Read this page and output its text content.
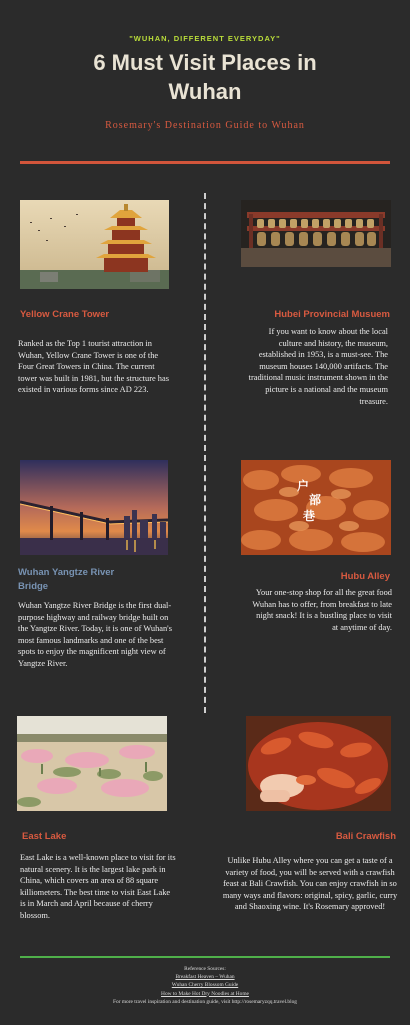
"WUHAN, DIFFERENT EVERYDAY"
6 Must Visit Places in
Wuhan
Rosemary's Destination Guide to Wuhan
Yellow Crane Tower	Hubei Provincial Musuem
Ranked as the Top 1 tourist attraction in Wuhan, Yellow Crane Tower is one of the Four Great Towers in China. The current tower was built in 1981, but the structure has existed in various forms since AD 223.
If you want to know about the local culture and history, the museum, established in 1953, is a must-see. The museum houses 140,000 artifacts. The traditional music instrument shown in the picture is a national and the museum treasure.
户
部
巷
Wuhan Yangtze River
Bridge
Hubu Alley
Wuhan Yangtze River Bridge is the first dual-purpose highway and railway bridge built on the Yangtze River. Today, it is one of Wuhan's most famous landmarks and one of the best spots to enjoy the magnificent night view of Yangtze River.
Your one-stop shop for all the great food Wuhan has to offer, from breakfast to late night snack! It is a bustling place to visit at anytime of day.
East Lake	Bali Crawfish
East Lake is a well-known place to visit for its natural scenery. It is the largest lake park in China, which covers an area of 88 square killiometers. The best time to visit East Lake is in March and April because of cherry blossom.
Unlike Hubu Alley where you can get a taste of a variety of food, you will be served with a crawfish feast at Bali Crawfish. You can enjoy crawfish in so many ways and flavors: original, spicy, garlic, curry and Shaoxing wine. It's Rosemary approved!
Reference Sources:
Breakfast Heaven – Wuhan
Wuhan Cherry Blossom Guide
How to Make Hot Dry Noodles at Home
For more travel inspiration and destination guide, visit http://rosemaryzqq.travel.blog
